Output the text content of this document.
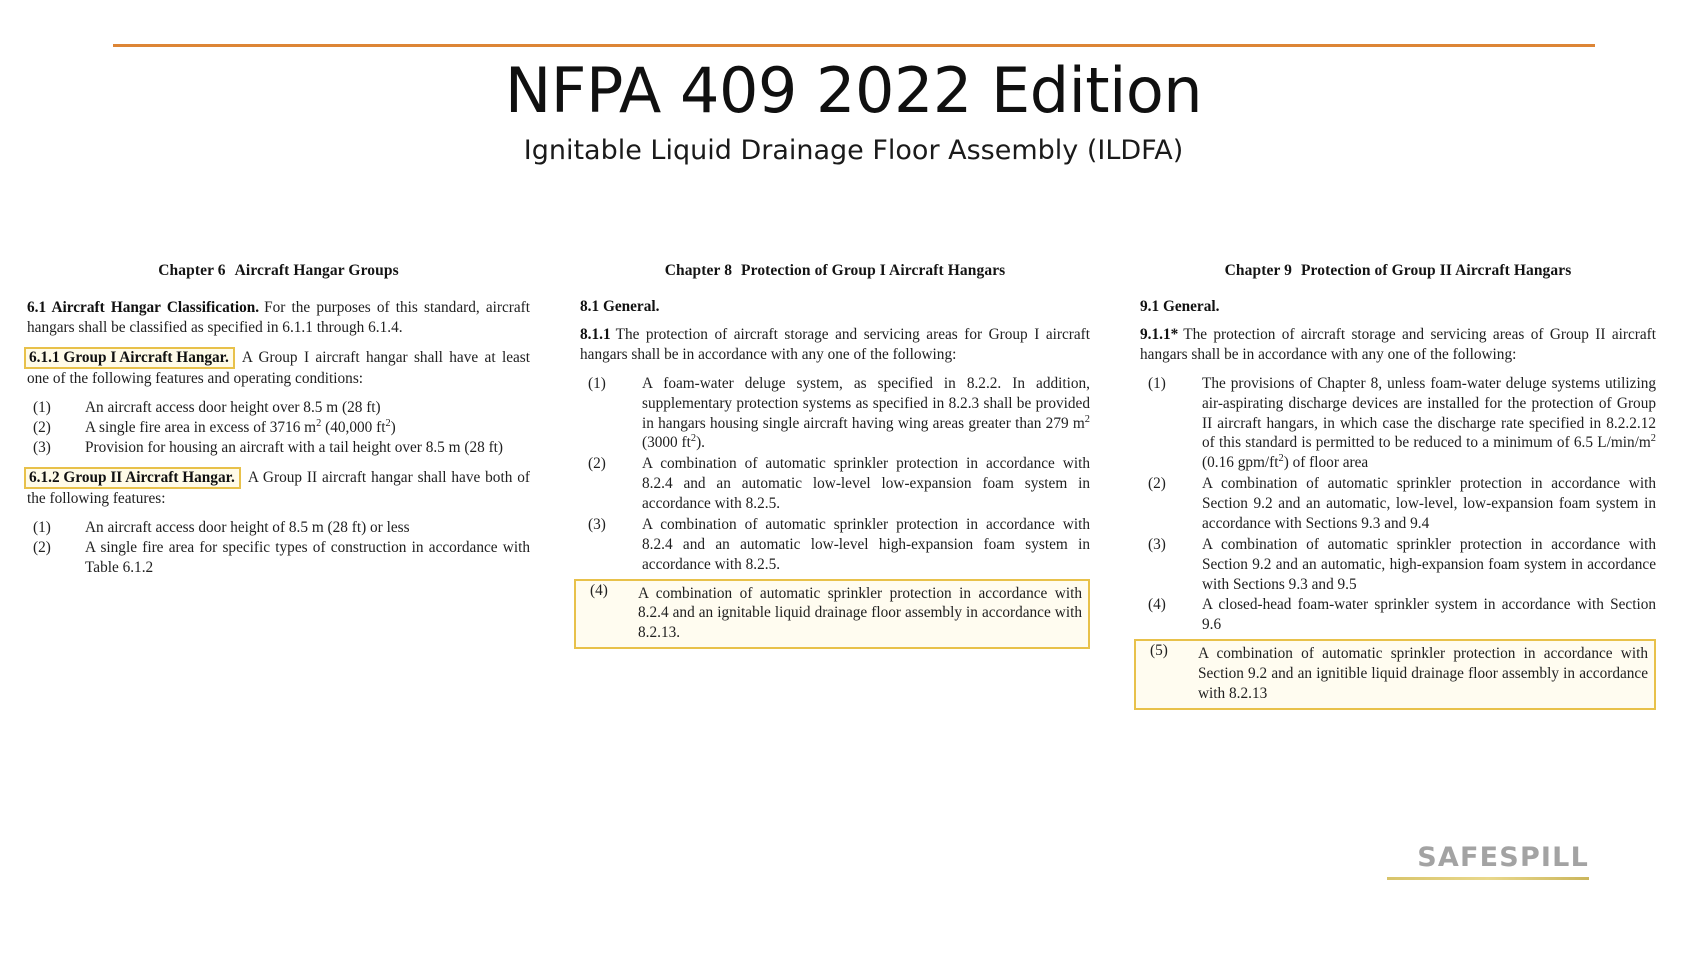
NFPA 409 2022 Edition
Ignitable Liquid Drainage Floor Assembly (ILDFA)
Chapter 6 Aircraft Hangar Groups

6.1 Aircraft Hangar Classification. For the purposes of this standard, aircraft hangars shall be classified as specified in 6.1.1 through 6.1.4.

6.1.1 Group I Aircraft Hangar. A Group I aircraft hangar shall have at least one of the following features and operating conditions:

(1)	An aircraft access door height over 8.5 m (28 ft)
(2)	A single fire area in excess of 3716 $m^2$ (40,000 $ft^2$)
(3)	Provision for housing an aircraft with a tail height over 8.5 m (28 ft)

6.1.2 Group II Aircraft Hangar. A Group II aircraft hangar shall have both of the following features:

(1)	An aircraft access door height of 8.5 m (28 ft) or less
(2)	A single fire area for specific types of construction in accordance with Table 6.1.2
Chapter 8 Protection of Group I Aircraft Hangars
8.1 General.

8.1.1 The protection of aircraft storage and servicing areas for Group I aircraft hangars shall be in accordance with any one of the following:

(1)	A foam-water deluge system, as specified in 8.2.2. In addition, supplementary protection systems as specified in 8.2.3 shall be provided in hangars housing single aircraft having wing areas greater than 279 $m^2$ (3000 $ft^2$).
(2)	A combination of automatic sprinkler protection in accordance with 8.2.4 and an automatic low-level low-expansion foam system in accordance with 8.2.5.
(3)	A combination of automatic sprinkler protection in accordance with 8.2.4 and an automatic low-level high-expansion foam system in accordance with 8.2.5.
(4)	A combination of automatic sprinkler protection in accordance with 8.2.4 and an ignitable liquid drainage floor assembly in accordance with 8.2.13.
Chapter 9 Protection of Group II Aircraft Hangars
9.1 General.

9.1.1* The protection of aircraft storage and servicing areas of Group II aircraft hangars shall be in accordance with any one of the following:

(1)	The provisions of Chapter 8, unless foam-water deluge systems utilizing air-aspirating discharge devices are installed for the protection of Group II aircraft hangars, in which case the discharge rate specified in 8.2.2.12 of this standard is permitted to be reduced to a minimum of 6.5 $L/\min/m^2$ (0.16 gpm/$ft^2$) of floor area
(2)	A combination of automatic sprinkler protection in accordance with Section 9.2 and an automatic, low-level, low-expansion foam system in accordance with Sections 9.3 and 9.4
(3)	A combination of automatic sprinkler protection in accordance with Section 9.2 and an automatic, high-expansion foam system in accordance with Sections 9.3 and 9.5
(4)	A closed-head foam-water sprinkler system in accordance with Section 9.6
(5)	A combination of automatic sprinkler protection in accordance with Section 9.2 and an ignitible liquid drainage floor assembly in accordance with 8.2.13
SAFESPILL
